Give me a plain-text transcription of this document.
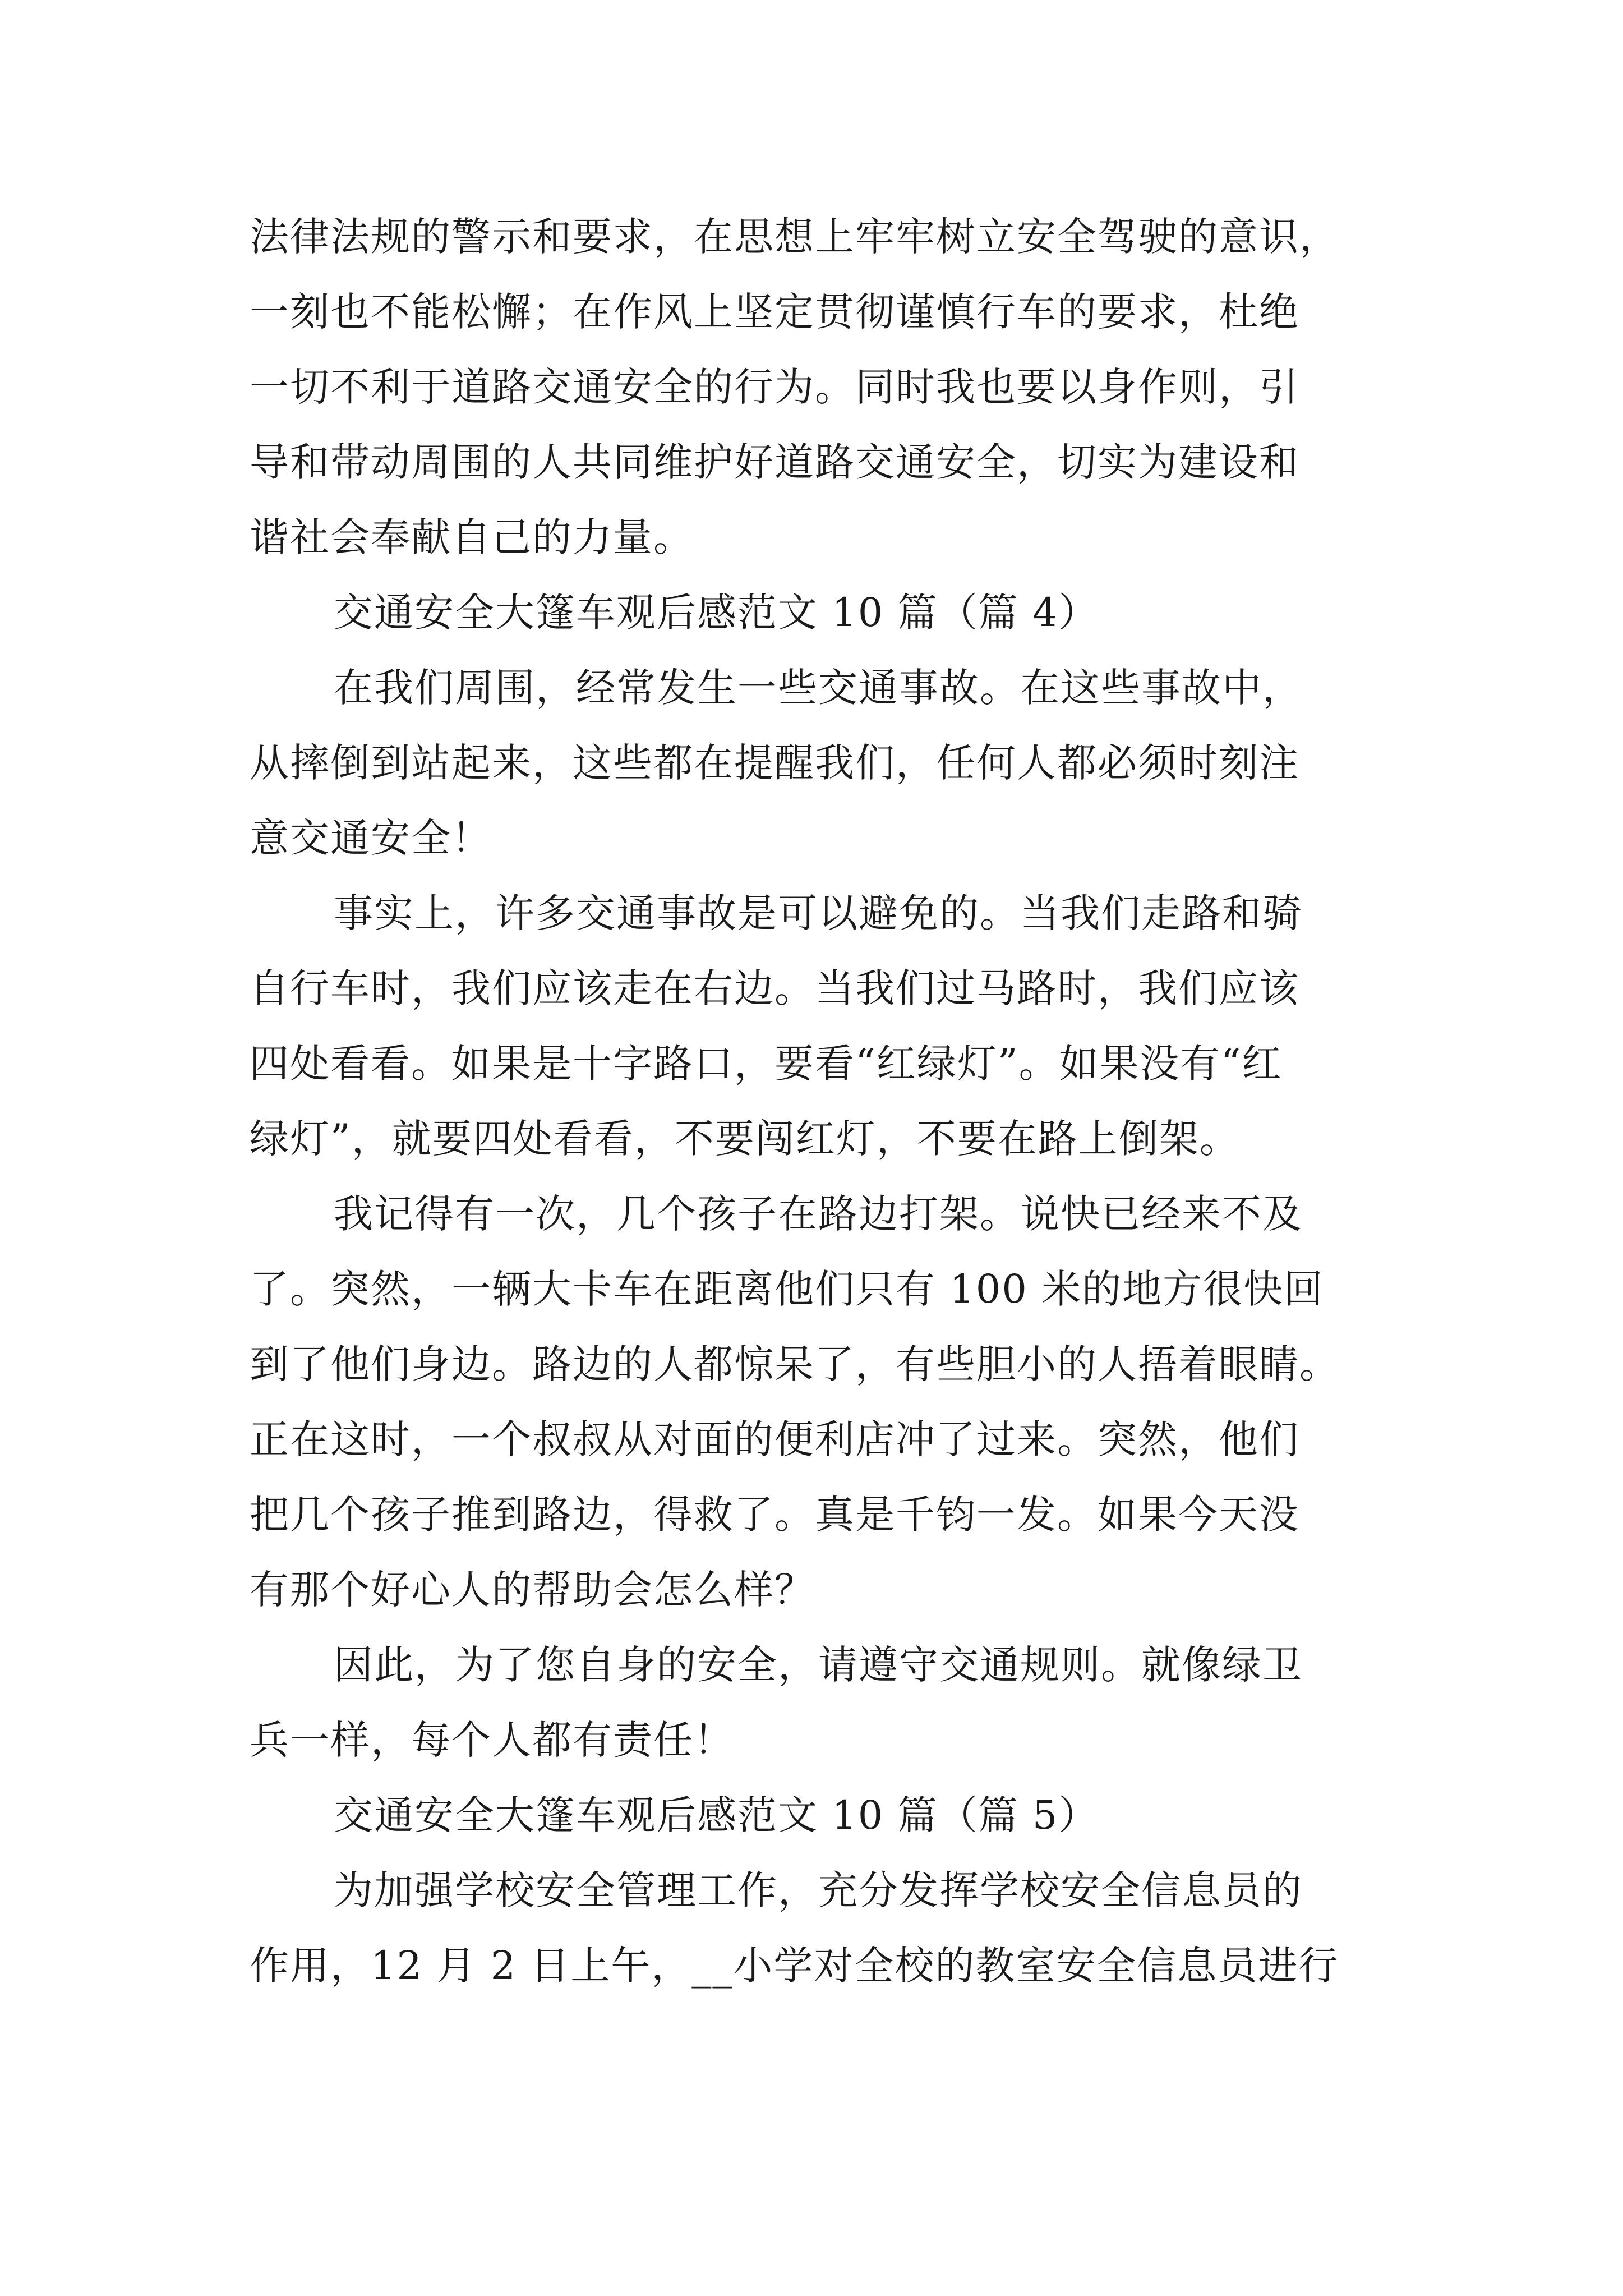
法律法规的警示和要求，在思想上牢牢树立安全驾驶的意识，
一刻也不能松懈；在作风上坚定贯彻谨慎行车的要求，杜绝
一切不利于道路交通安全的行为。同时我也要以身作则，引
导和带动周围的人共同维护好道路交通安全，切实为建设和
谐社会奉献自己的力量。
交通安全大篷车观后感范文 10 篇（篇 4）
在我们周围，经常发生一些交通事故。在这些事故中，
从摔倒到站起来，这些都在提醒我们，任何人都必须时刻注
意交通安全！
事实上，许多交通事故是可以避免的。当我们走路和骑
自行车时，我们应该走在右边。当我们过马路时，我们应该
四处看看。如果是十字路口，要看“红绿灯”。如果没有“红
绿灯”，就要四处看看，不要闯红灯，不要在路上倒架。
我记得有一次，几个孩子在路边打架。说快已经来不及
了。突然，一辆大卡车在距离他们只有 100 米的地方很快回
到了他们身边。路边的人都惊呆了，有些胆小的人捂着眼睛。
正在这时，一个叔叔从对面的便利店冲了过来。突然，他们
把几个孩子推到路边，得救了。真是千钧一发。如果今天没
有那个好心人的帮助会怎么样？
因此，为了您自身的安全，请遵守交通规则。就像绿卫
兵一样，每个人都有责任！
交通安全大篷车观后感范文 10 篇（篇 5）
为加强学校安全管理工作，充分发挥学校安全信息员的
作用，12 月 2 日上午，__小学对全校的教室安全信息员进行
